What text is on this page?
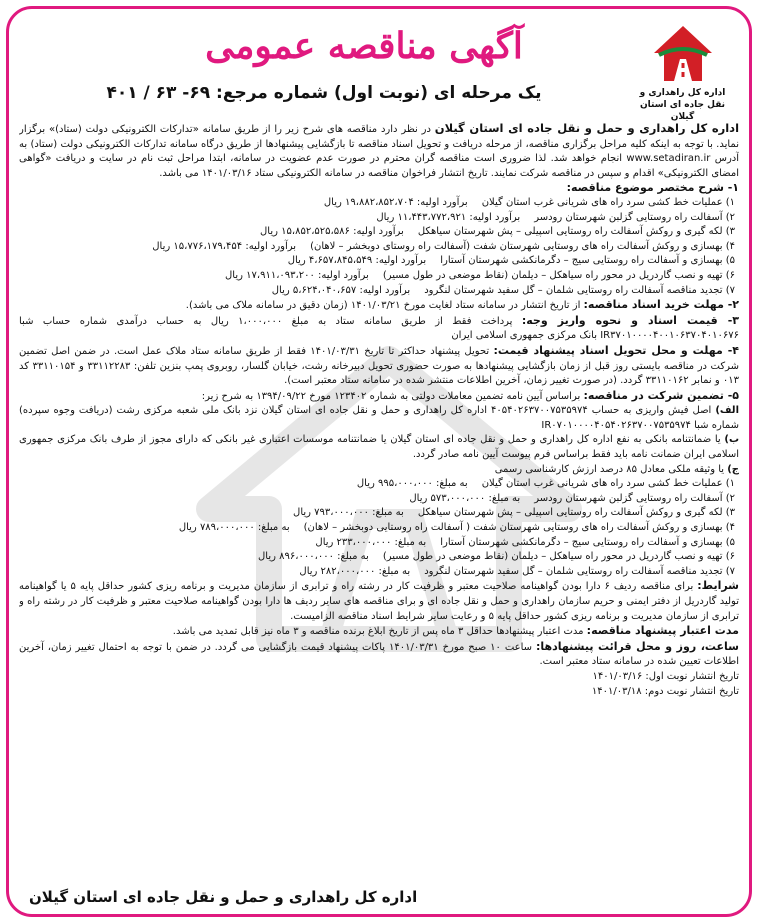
اداره کل راهداری و
نقل جاده ای استان گیلان
آگهی مناقصه عمومی
یک مرحله ای (نوبت اول) شماره مرجع: ۶۹- ۶۳ / ۴۰۱

اداره کل راهداری و حمل و نقل جاده ای استان گیلان در نظر دارد مناقصه های شرح زیر را از طریق سامانه «تدارکات الکترونیکی دولت (ستاد)» برگزار نماید. با توجه به اینکه کلیه مراحل برگزاری مناقصه، از مرحله دریافت و تحویل اسناد مناقصه تا بازگشایی پیشنهادها از طریق درگاه سامانه تدارکات الکترونیکی دولت (ستاد) به آدرس www.setadiran.ir انجام خواهد شد. لذا ضروری است مناقصه گران محترم در صورت عدم عضویت در سامانه، ابتدا مراحل ثبت نام در سایت و دریافت «گواهی امضای الکترونیکی» اقدام و سپس در مناقصه شرکت نمایند. تاریخ انتشار فراخوان مناقصه در سامانه الکترونیکی ستاد ۱۴۰۱/۰۳/۱۶ می باشد.

۱- شرح مختصر موضوع مناقصه:

۱) عملیات خط کشی سرد راه های شریانی غرب استان گیلانبرآورد اولیه: ۱۹،۸۸۲،۸۵۲،۷۰۴ ریال

۲) آسفالت راه روستایی گزلبن شهرستان رودسربرآورد اولیه: ۱۱،۴۴۳،۷۷۲،۹۲۱ ریال

۳) لکه گیری و روکش آسفالت راه روستایی اسپیلی – پش شهرستان سیاهکلبرآورد اولیه: ۱۵،۸۵۲،۵۲۵،۵۸۶ ریال

۴) بهسازی و روکش آسفالت راه های روستایی شهرستان شفت (آسفالت راه روستای دوبخشر – لاهان)برآورد اولیه: ۱۵،۷۷۶،۱۷۹،۴۵۴ ریال

۵) بهسازی و آسفالت راه روستایی سیج – دگرمانکشی شهرستان آستارابرآورد اولیه: ۴،۶۵۷،۸۴۵،۵۴۹ ریال

۶) تهیه و نصب گاردریل در محور راه سیاهکل – دیلمان (نقاط موضعی در طول مسیر)برآورد اولیه: ۱۷،۹۱۱،۰۹۳،۲۰۰ ریال

۷) تجدید مناقصه آسفالت راه روستایی شلمان – گل سفید شهرستان لنگرودبرآورد اولیه: ۵،۶۲۴،۰۴۰،۶۵۷ ریال

۲- مهلت خرید اسناد مناقصه: از تاریخ انتشار در سامانه ستاد لغایت مورخ ۱۴۰۱/۰۳/۲۱ (زمان دقیق در سامانه ملاک می باشد).

۳- قیمت اسناد و نحوه واریز وجه: پرداخت فقط از طریق سامانه ستاد به مبلغ ۱،۰۰۰،۰۰۰ ریال به حساب درآمدی شماره حساب شبا IR۳۷۰۱۰۰۰۰۴۰۰۱۰۶۳۷۰۴۰۱۰۶۷۶ بانک مرکزی جمهوری اسلامی ایران

۴- مهلت و محل تحویل اسناد پیشنهاد قیمت: تحویل پیشنهاد حداکثر تا تاریخ ۱۴۰۱/۰۳/۳۱ فقط از طریق سامانه ستاد ملاک عمل است. در ضمن اصل تضمین شرکت در مناقصه بایستی روز قبل از زمان بازگشایی پیشنهادها به صورت حضوری تحویل دبیرخانه رشت، خیابان گلسار، روبروی پمپ بنزین تلفن: ۳۳۱۱۲۲۸۳ و ۳۳۱۱۰۱۵۴ کد ۰۱۳ و نمابر ۳۳۱۱۰۱۶۲ گردد. (در صورت تغییر زمان، آخرین اطلاعات منتشر شده در سامانه ستاد معتبر است).

۵- تضمین شرکت در مناقصه: براساس آیین نامه تضمین معاملات دولتی به شماره ۱۲۳۴۰۲ مورخ ۱۳۹۴/۰۹/۲۲ به شرح زیر:

الف) اصل فیش واریزی به حساب ۴۰۵۴۰۲۶۳۷۰۰۷۵۳۵۹۷۴ اداره کل راهداری و حمل و نقل جاده ای استان گیلان نزد بانک ملی شعبه مرکزی رشت (دریافت وجوه سپرده) شماره شبا IR۰۷۰۱۰۰۰۰۴۰۵۴۰۲۶۳۷۰۰۷۵۳۵۹۷۴

ب) یا ضمانتنامه بانکی به نفع اداره کل راهداری و حمل و نقل جاده ای استان گیلان یا ضمانتنامه موسسات اعتباری غیر بانکی که دارای مجوز از طرف بانک مرکزی جمهوری اسلامی ایران ضمانت نامه باید فقط براساس فرم پیوست آیین نامه صادر گردد.

ج) یا وثیقه ملکی معادل ۸۵ درصد ارزش کارشناسی رسمی

۱) عملیات خط کشی سرد راه های شریانی غرب استان گیلانبه مبلغ: ۹۹۵،۰۰۰،۰۰۰ ریال

۲) آسفالت راه روستایی گزلبن شهرستان رودسربه مبلغ: ۵۷۳،۰۰۰،۰۰۰ ریال

۳) لکه گیری و روکش آسفالت راه روستایی اسپیلی – پش شهرستان سیاهکلبه مبلغ: ۷۹۳،۰۰۰،۰۰۰ ریال

۴) بهسازی و روکش آسفالت راه های روستایی شهرستان شفت ( آسفالت راه روستایی دوبخشر – لاهان)به مبلغ: ۷۸۹،۰۰۰،۰۰۰ ریال

۵) بهسازی و آسفالت راه روستایی سیج – دگرمانکشی شهرستان آستارابه مبلغ: ۲۳۳،۰۰۰،۰۰۰ ریال

۶) تهیه و نصب گاردریل در محور راه سیاهکل – دیلمان (نقاط موضعی در طول مسیر)به مبلغ: ۸۹۶،۰۰۰،۰۰۰ ریال

۷) تجدید مناقصه آسفالت راه روستایی شلمان – گل سفید شهرستان لنگرودبه مبلغ: ۲۸۲،۰۰۰،۰۰۰ ریال

شرایط: برای مناقصه ردیف ۶ دارا بودن گواهینامه صلاحیت معتبر و ظرفیت کار در رشته راه و ترابری از سازمان مدیریت و برنامه ریزی کشور حداقل پایه ۵ یا گواهینامه تولید گاردریل از دفتر ایمنی و حریم سازمان راهداری و حمل و نقل جاده ای و برای مناقصه های سایر ردیف ها دارا بودن گواهینامه صلاحیت معتبر و ظرفیت کار در رشته راه و ترابری از سازمان مدیریت و برنامه ریزی کشور حداقل پایه ۵ و رعایت سایر شرایط اسناد مناقصه الزامیست.

مدت اعتبار پیشنهاد مناقصه: مدت اعتبار پیشنهادها حداقل ۳ ماه پس از تاریخ ابلاغ برنده مناقصه و ۳ ماه نیز قابل تمدید می باشد.

ساعت، روز و محل قرائت پیشنهادها: ساعت ۱۰ صبح مورخ ۱۴۰۱/۰۳/۳۱ پاکات پیشنهاد قیمت بازگشایی می گردد. در ضمن با توجه به احتمال تغییر زمان، آخرین اطلاعات تعیین شده در سامانه ستاد معتبر است.

تاریخ انتشار نوبت اول: ۱۴۰۱/۰۳/۱۶

تاریخ انتشار نوبت دوم: ۱۴۰۱/۰۳/۱۸

اداره کل راهداری و حمل و نقل جاده ای استان گیلان
